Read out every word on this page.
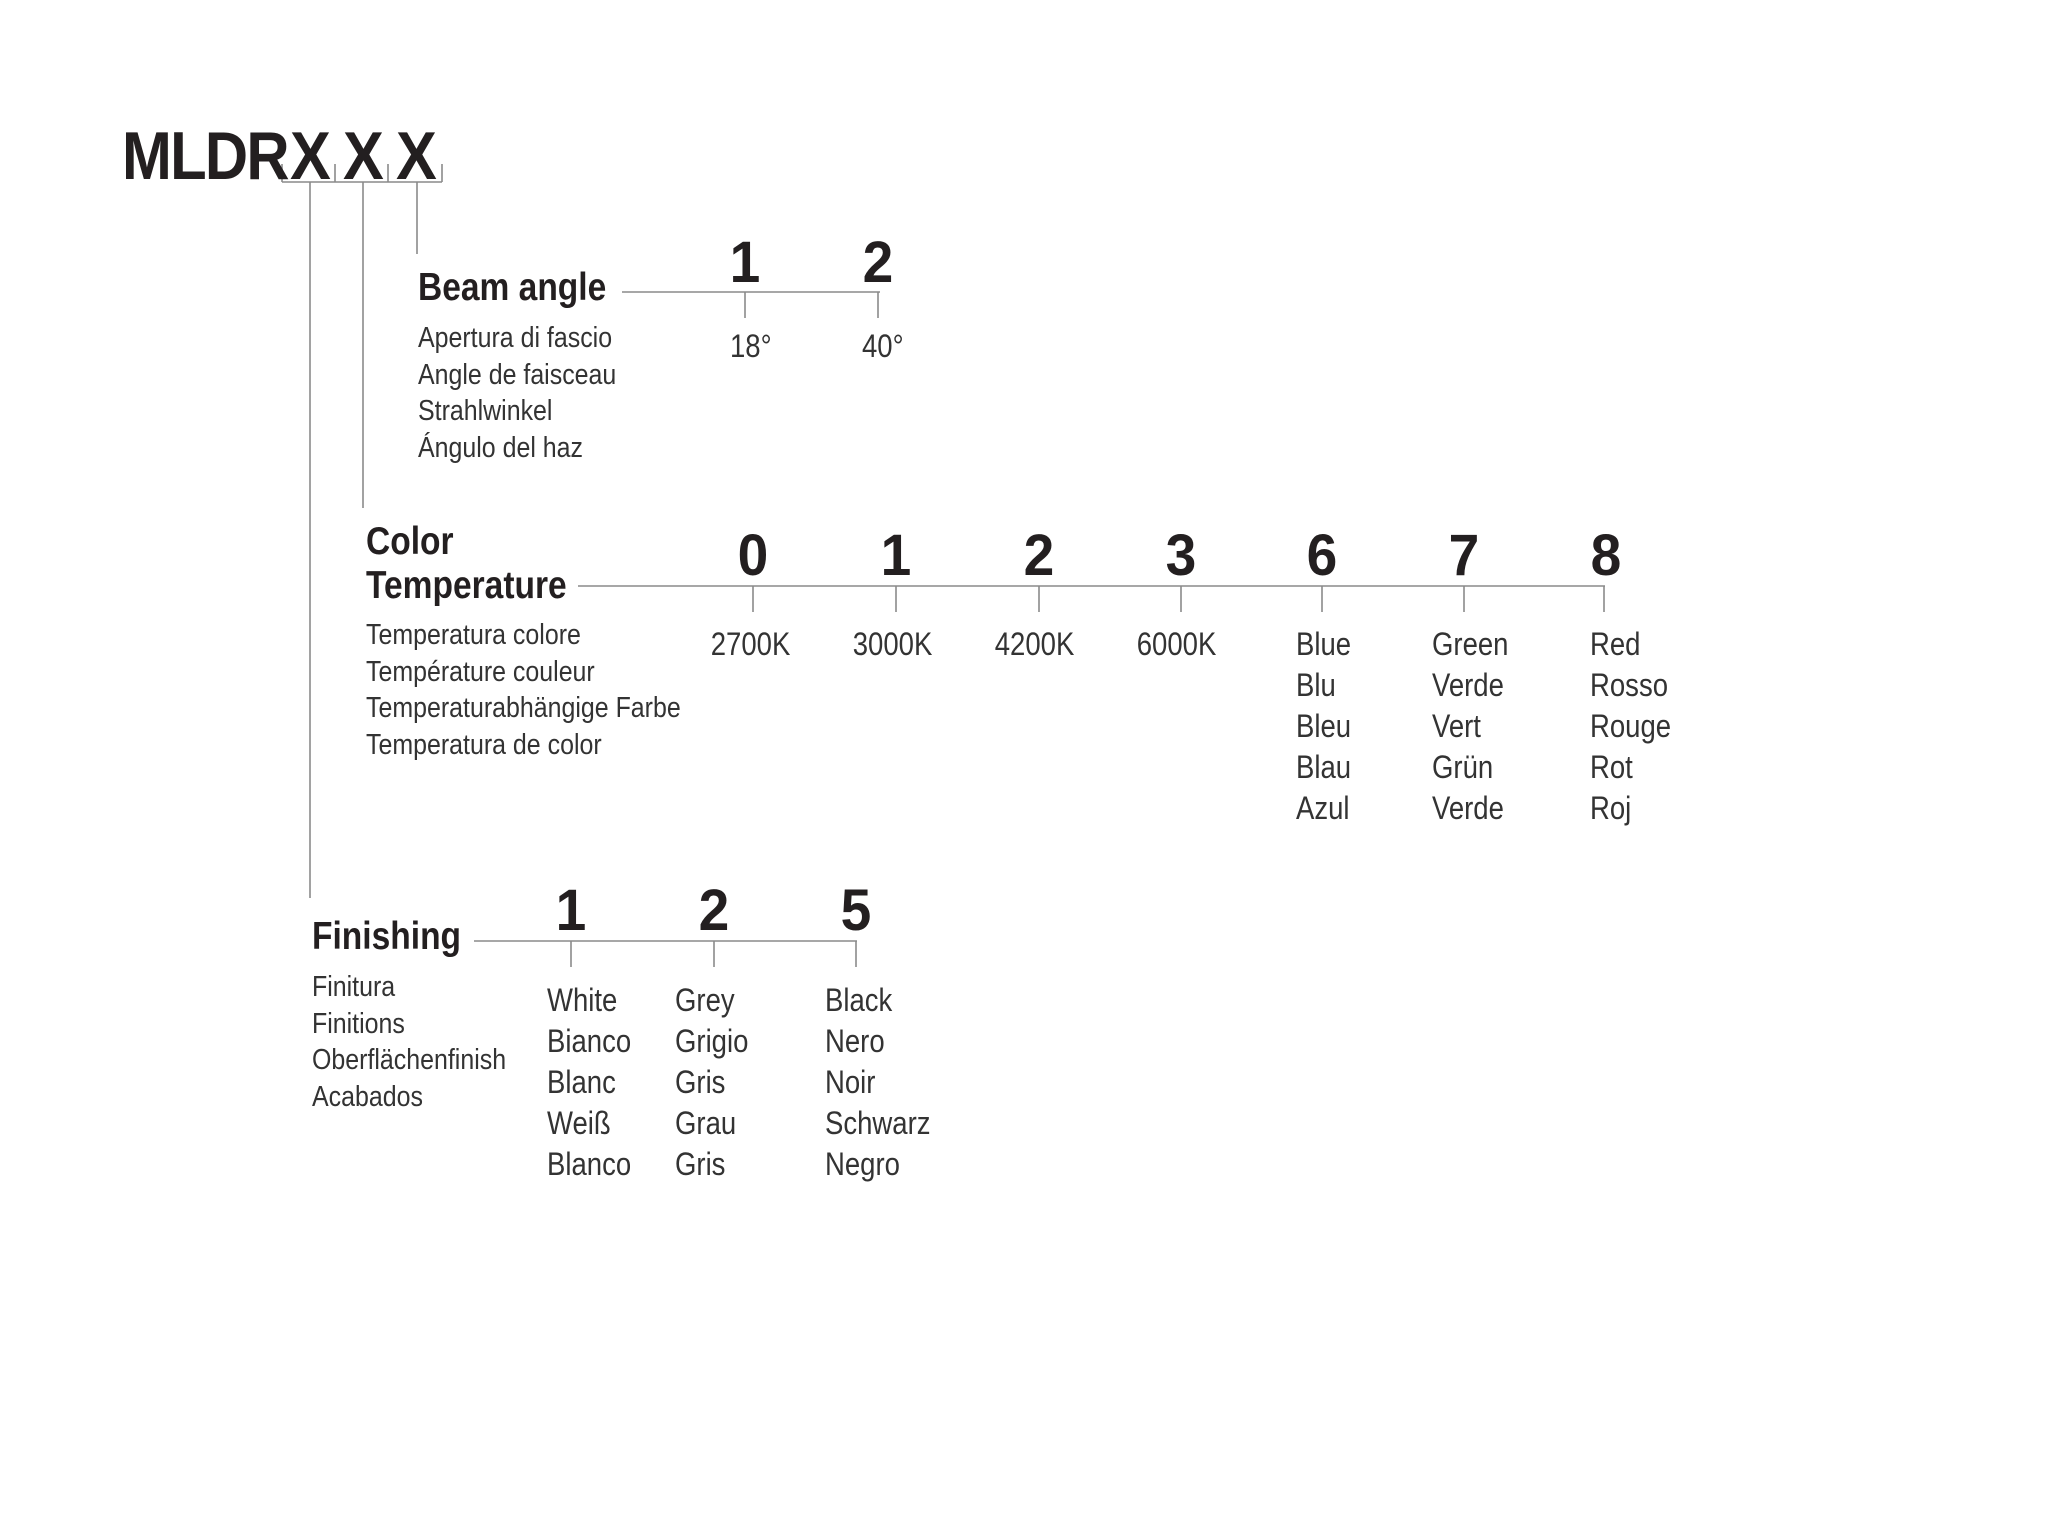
MLDR X X X
Beam angle
Apertura di fascio
Angle de faisceau
Strahlwinkel
Ángulo del haz
1 2
18°	40°
Color
Temperature
Temperatura colore
Température couleur
Temperaturabhängige Farbe
Temperatura de color
0 1 2 3 6 7 8
2700K 3000K 4200K 6000K Blue
Blu
Bleu
Blau
Azul
Green
Verde
Vert
Grün
Verde
Red
Rosso
Rouge
Rot
Roj
Finishing
Finitura
Finitions
Oberflächenfinish
Acabados
1 2 5
White
Bianco
Blanc
Weiß
Blanco
Grey
Grigio
Gris
Grau
Gris
Black
Nero
Noir
Schwarz
Negro
